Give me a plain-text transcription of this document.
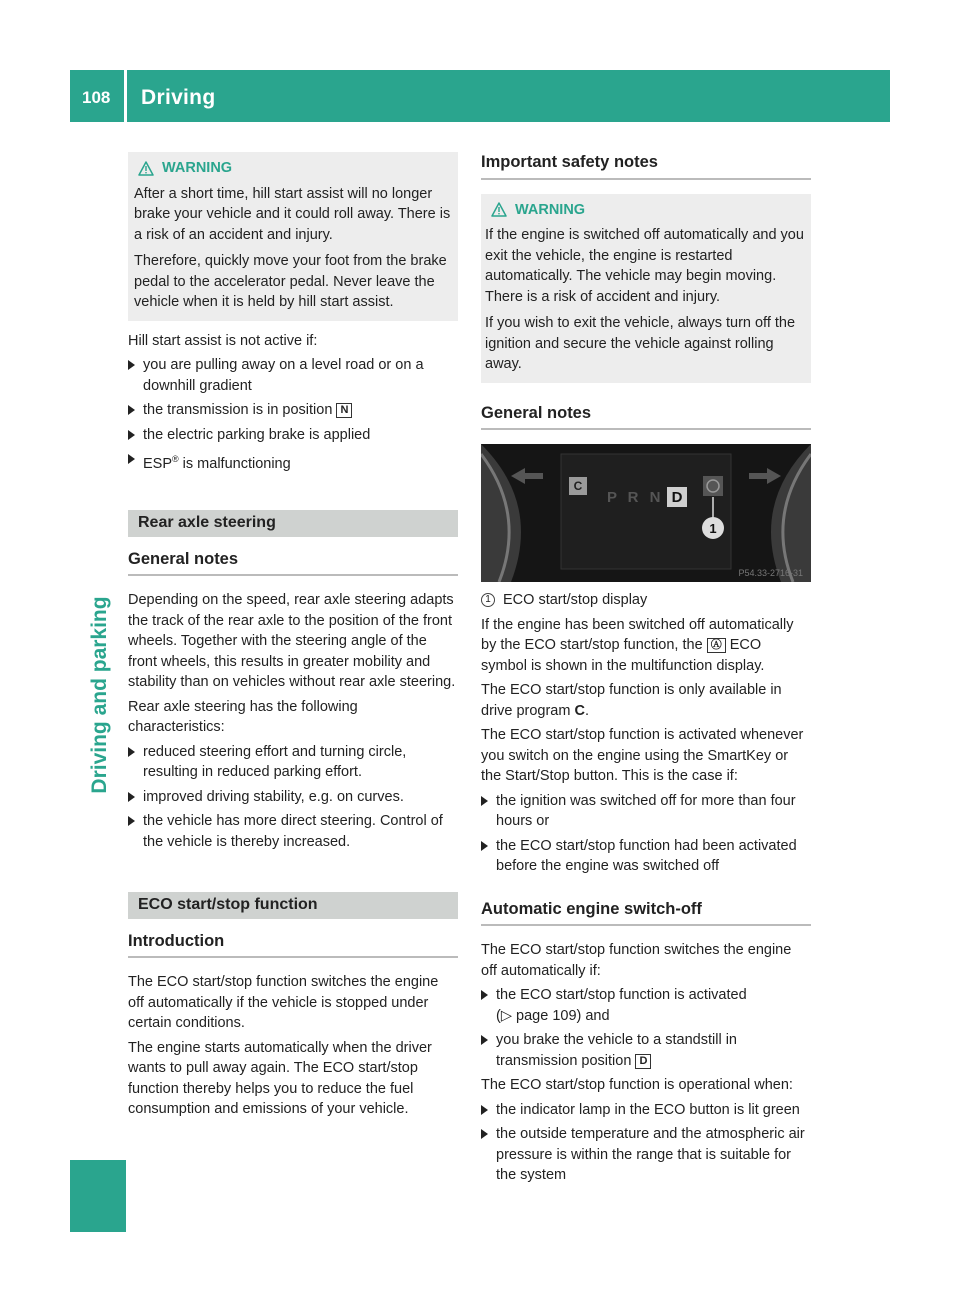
108	Driving
Driving and parking
WARNING

After a short time, hill start assist will no longer brake your vehicle and it could roll away. There is a risk of an accident and injury.

Therefore, quickly move your foot from the brake pedal to the accelerator pedal. Never leave the vehicle when it is held by hill start assist.

Hill start assist is not active if:

you are pulling away on a level road or on a downhill gradient
the transmission is in position N
the electric parking brake is applied
ESP® is malfunctioning
Rear axle steering
General notes

Depending on the speed, rear axle steering adapts the track of the rear axle to the position of the front wheels. Together with the steering angle of the front wheels, this results in greater mobility and stability than on vehicles without rear axle steering.

Rear axle steering has the following characteristics:

reduced steering effort and turning circle, resulting in reduced parking effort.
improved driving stability, e.g. on curves.
the vehicle has more direct steering. Control of the vehicle is thereby increased.
ECO start/stop function
Introduction

The ECO start/stop function switches the engine off automatically if the vehicle is stopped under certain conditions.

The engine starts automatically when the driver wants to pull away again. The ECO start/stop function thereby helps you to reduce the fuel consumption and emissions of your vehicle.

Important safety notes
WARNING

If the engine is switched off automatically and you exit the vehicle, the engine is restarted automatically. The vehicle may begin moving. There is a risk of accident and injury.

If you wish to exit the vehicle, always turn off the ignition and secure the vehicle against rolling away.

General notes
C
P R N D
1
P54.33-2716-31
1 ECO start/stop display

If the engine has been switched off automatically by the ECO start/stop function, the Ⓐ ECO symbol is shown in the multifunction display.

The ECO start/stop function is only available in drive program C.

The ECO start/stop function is activated whenever you switch on the engine using the SmartKey or the Start/Stop button. This is the case if:

the ignition was switched off for more than four hours or
the ECO start/stop function had been activated before the engine was switched off
Automatic engine switch-off

The ECO start/stop function switches the engine off automatically if:

the ECO start/stop function is activated
(▷ page 109) and
you brake the vehicle to a standstill in transmission position D

The ECO start/stop function is operational when:

the indicator lamp in the ECO button is lit green
the outside temperature and the atmospheric air pressure is within the range that is suitable for the system
